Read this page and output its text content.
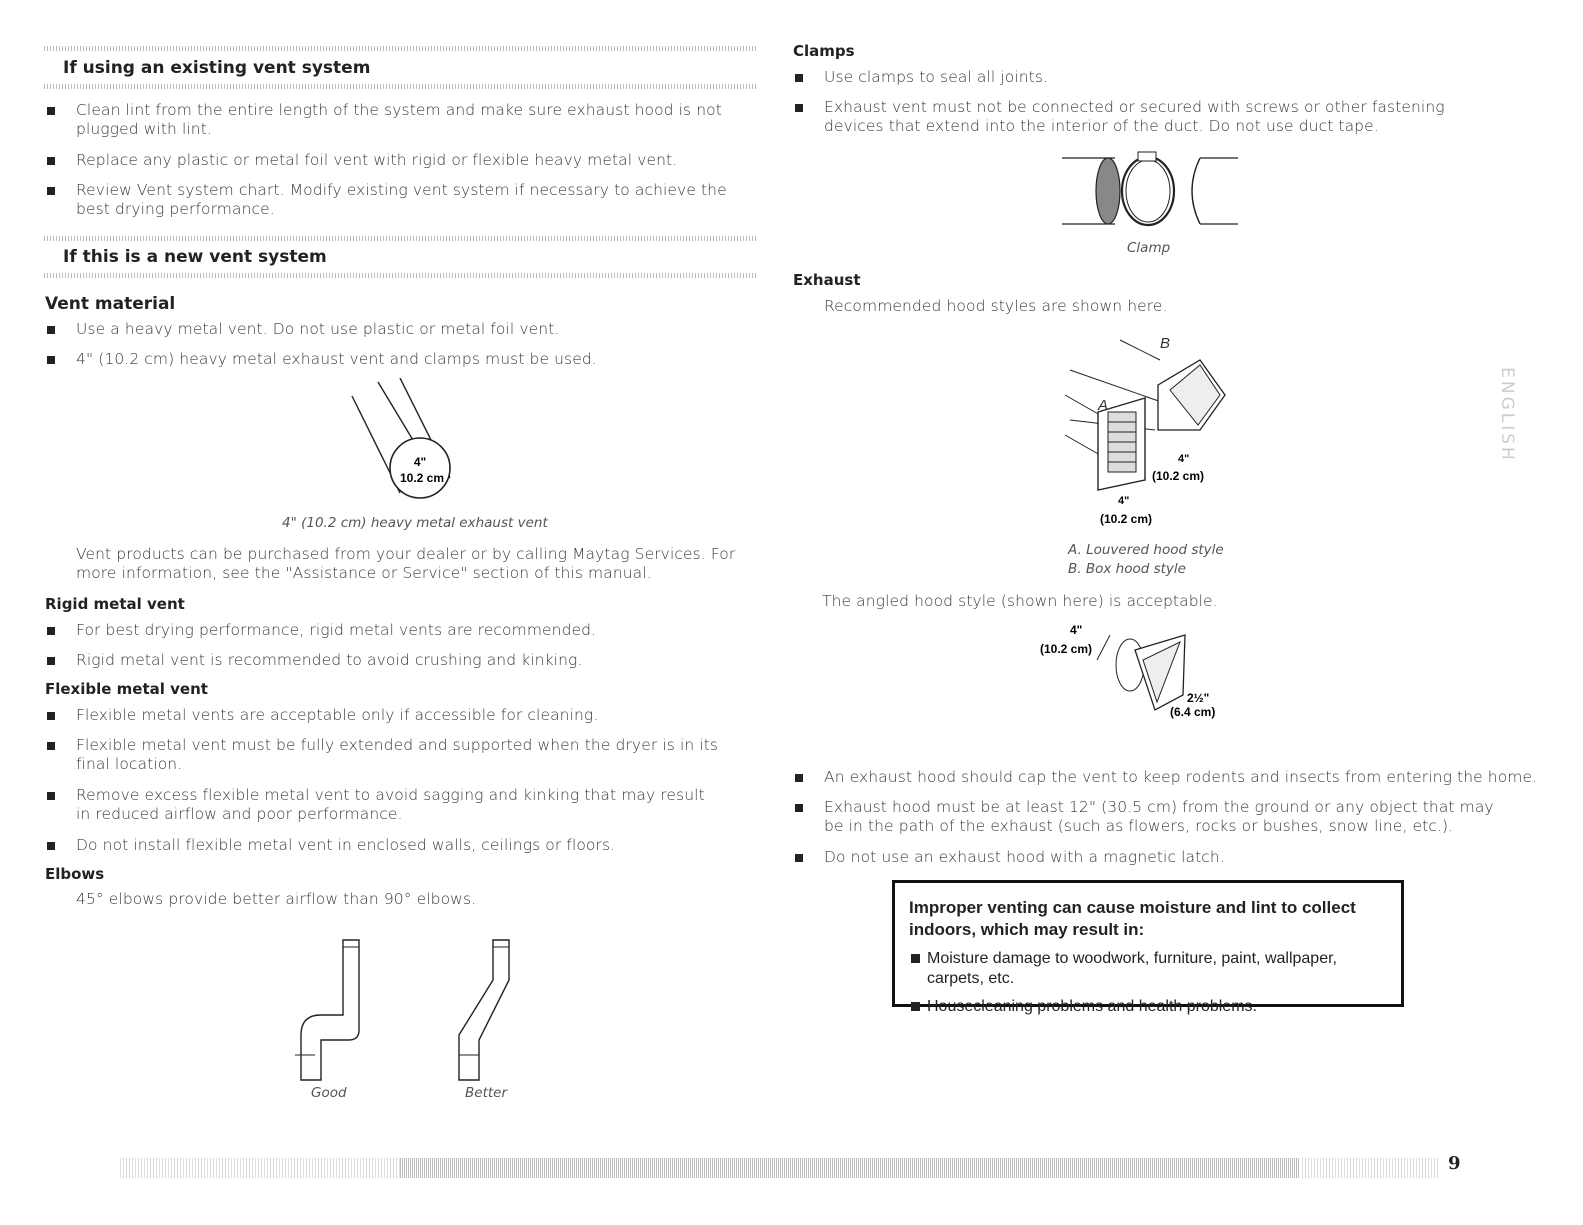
If using an existing vent system
Clean lint from the entire length of the system and make sure exhaust hood is not plugged with lint.
Replace any plastic or metal foil vent with rigid or flexible heavy metal vent.
Review Vent system chart. Modify existing vent system if necessary to achieve the best drying performance.
If this is a new vent system
Vent material
Use a heavy metal vent. Do not use plastic or metal foil vent.
4" (10.2 cm) heavy metal exhaust vent and clamps must be used.
4"
10.2 cm
4" (10.2 cm) heavy metal exhaust vent
Vent products can be purchased from your dealer or by calling Maytag Services. For more information, see the "Assistance or Service" section of this manual.
Rigid metal vent
For best drying performance, rigid metal vents are recommended.
Rigid metal vent is recommended to avoid crushing and kinking.
Flexible metal vent
Flexible metal vents are acceptable only if accessible for cleaning.
Flexible metal vent must be fully extended and supported when the dryer is in its final location.
Remove excess flexible metal vent to avoid sagging and kinking that may result in reduced airflow and poor performance.
Do not install flexible metal vent in enclosed walls, ceilings or floors.
Elbows
45° elbows provide better airflow than 90° elbows.
Good	Better
Clamps
Use clamps to seal all joints.
Exhaust vent must not be connected or secured with screws or other fastening devices that extend into the interior of the duct. Do not use duct tape.
Clamp
Exhaust
Recommended hood styles are shown here.
B
A
4"
(10.2 cm)
4"
(10.2 cm)
A. Louvered hood style
B. Box hood style
The angled hood style (shown here) is acceptable.
4"
(10.2 cm)
2½"
(6.4 cm)
An exhaust hood should cap the vent to keep rodents and insects from entering the home.
Exhaust hood must be at least 12" (30.5 cm) from the ground or any object that may be in the path of the exhaust (such as flowers, rocks or bushes, snow line, etc.).
Do not use an exhaust hood with a magnetic latch.
Improper venting can cause moisture and lint to collect indoors, which may result in:
Moisture damage to woodwork, furniture, paint, wallpaper, carpets, etc.
Housecleaning problems and health problems.
ENGLISH
9
